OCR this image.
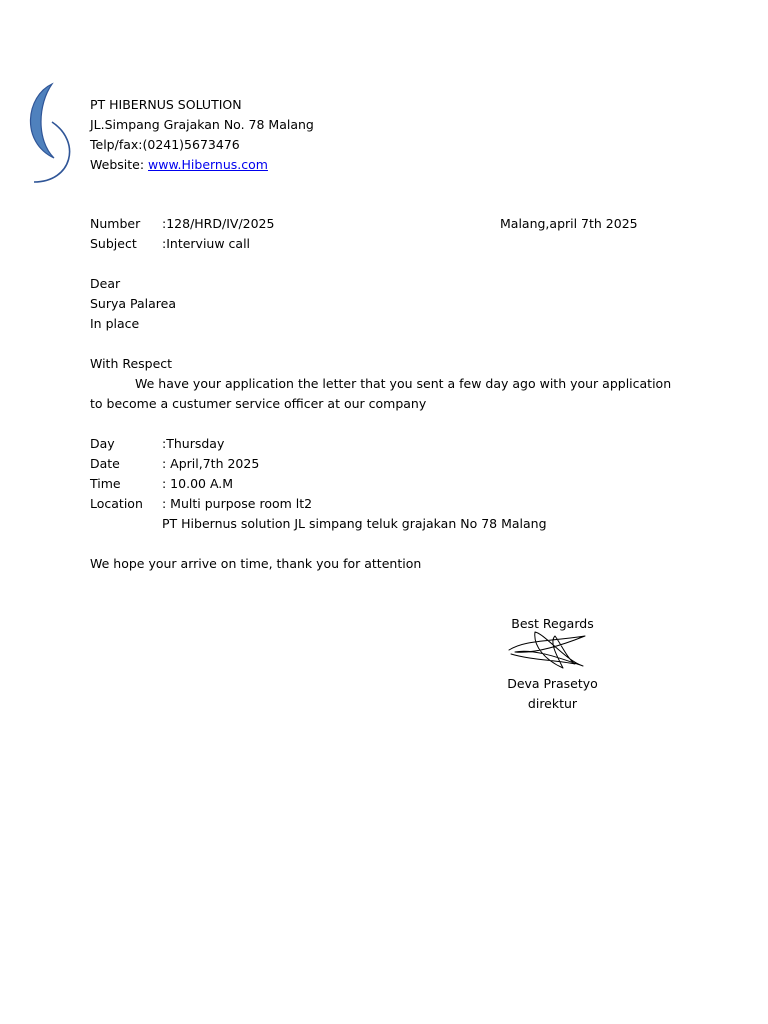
PT HIBERNUS SOLUTION
JL.Simpang Grajakan No. 78 Malang
Telp/fax:(0241)5673476
Website: www.Hibernus.com
Number :128/HRD/IV/2025
Subject :Interviuw call
Malang,april 7th 2025
Dear
Surya Palarea
In place
With Respect
We have your application the letter that you sent a few day ago with your application to become a custumer service officer at our company
Day	:Thursday
Date	: April,7th 2025
Time	: 10.00 A.M
Location : Multi purpose room lt2
PT Hibernus solution JL simpang teluk grajakan No 78 Malang
We hope your arrive on time, thank you for attention
Best Regards
Deva Prasetyo
direktur
